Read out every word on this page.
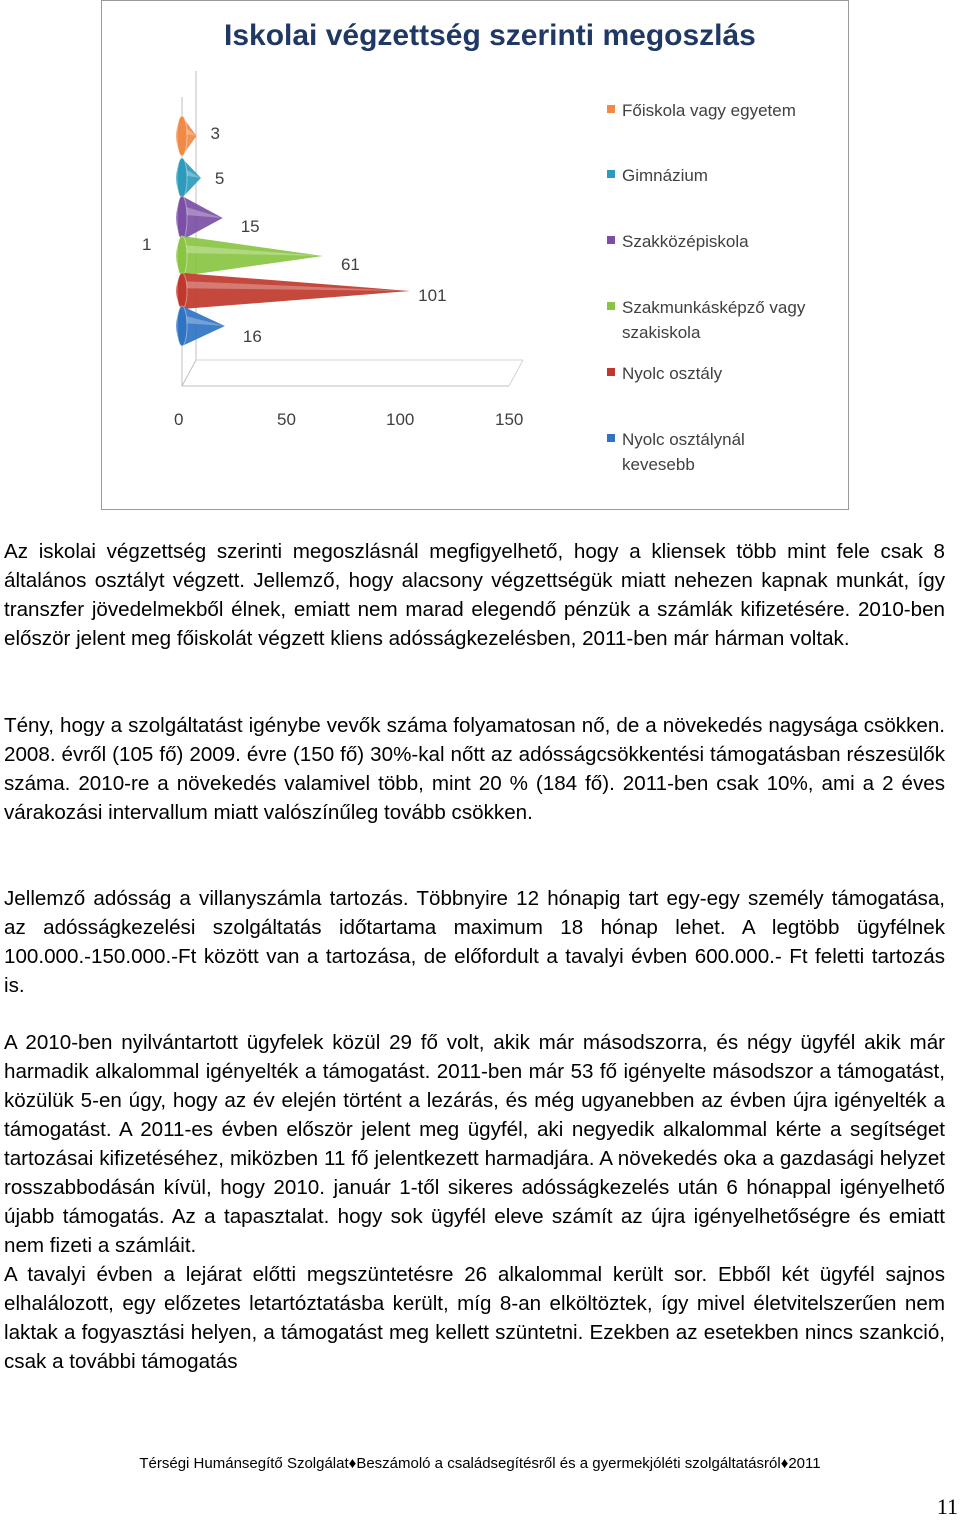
Iskolai végzettség szerinti megoszlás
0	50	100	150
1
3
5
15
61
101
16
Főiskola vagy egyetem
Gimnázium
Szakközépiskola
Szakmunkásképző vagy
szakiskola
Nyolc osztály
Nyolc osztálynál
kevesebb

Az iskolai végzettség szerinti megoszlásnál megfigyelhető, hogy a kliensek több mint fele csak 8 általános osztályt végzett. Jellemző, hogy alacsony végzettségük miatt nehezen kapnak munkát, így transzfer jövedelmekből élnek, emiatt nem marad elegendő pénzük a számlák kifizetésére. 2010-ben először jelent meg főiskolát végzett kliens adósságkezelésben, 2011-ben már hárman voltak.

Tény, hogy a szolgáltatást igénybe vevők száma folyamatosan nő, de a növekedés nagysága csökken. 2008. évről (105 fő) 2009. évre (150 fő) 30%-kal nőtt az adósságcsökkentési támogatásban részesülők száma. 2010-re a növekedés valamivel több, mint 20 % (184 fő). 2011-ben csak 10%, ami a 2 éves várakozási intervallum miatt valószínűleg tovább csökken.

Jellemző adósság a villanyszámla tartozás. Többnyire 12 hónapig tart egy-egy személy támogatása, az adósságkezelési szolgáltatás időtartama maximum 18 hónap lehet. A legtöbb ügyfélnek 100.000.-150.000.-Ft között van a tartozása, de előfordult a tavalyi évben 600.000.- Ft feletti tartozás is.

A 2010-ben nyilvántartott ügyfelek közül 29 fő volt, akik már másodszorra, és négy ügyfél akik már harmadik alkalommal igényelték a támogatást. 2011-ben már 53 fő igényelte másodszor a támogatást, közülük 5-en úgy, hogy az év elején történt a lezárás, és még ugyanebben az évben újra igényelték a támogatást. A 2011-es évben először jelent meg ügyfél, aki negyedik alkalommal kérte a segítséget tartozásai kifizetéséhez, miközben 11 fő jelentkezett harmadjára. A növekedés oka a gazdasági helyzet rosszabbodásán kívül, hogy 2010. január 1-től sikeres adósságkezelés után 6 hónappal igényelhető újabb támogatás. Az a tapasztalat. hogy sok ügyfél eleve számít az újra igényelhetőségre és emiatt nem fizeti a számláit.

A tavalyi évben a lejárat előtti megszüntetésre 26 alkalommal került sor. Ebből két ügyfél sajnos elhalálozott, egy előzetes letartóztatásba került, míg 8-an elköltöztek, így mivel életvitelszerűen nem laktak a fogyasztási helyen, a támogatást meg kellett szüntetni. Ezekben az esetekben nincs szankció, csak a további támogatás

Térségi Humánsegítő Szolgálat♦Beszámoló a családsegítésről és a gyermekjóléti szolgáltatásról♦2011
11
